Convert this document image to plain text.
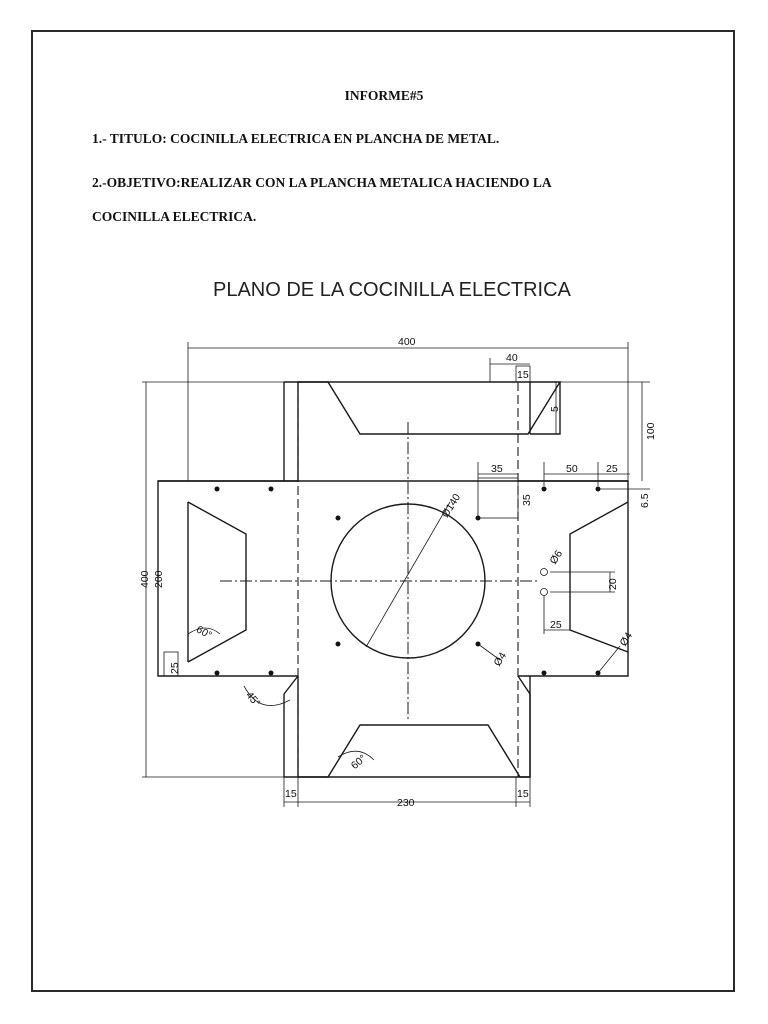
INFORME#5
1.- TITULO: COCINILLA ELECTRICA EN PLANCHA DE METAL.
2.-OBJETIVO:REALIZAR CON LA PLANCHA METALICA HACIENDO LA
COCINILLA ELECTRICA.
PLANO DE LA COCINILLA ELECTRICA
400
40
15
5
100
35
35
50	25
6.5
Ø140
Ø6
20
25
Ø4
Ø4
400 200
25
60°
45°
60°
15
230
15
